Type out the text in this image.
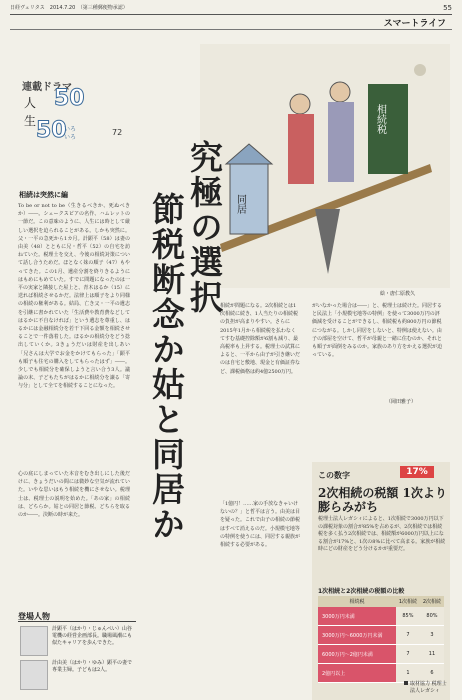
日経ヴェリタス　2014.7.20　（第三種郵便物承認）	55
スマートライフ
連載ドラマ
人
生
50
50
いろ
いろ
72
同居
相続税
絵・唐仁原教久
究極の選択
節税断念か姑と同居か
相続は突然に編
To be or not to be（生きるべきか、死ぬべきか）――。シェークスピアの名作、ハムレットの一節だ。この意味のように、人生には時として厳しい選択を迫られることがある。しかも突然に。父・一平の急死から1カ月。計顕平（58）は妻の由美（48）とともに兄・哲平（52）の自宅を訪ねていた。税理士を交え、今後の相続対策について話し合うためだ。ほとなく妹の順子（47）もやってきた。この1月、遺産分割を終りきるようにはもめにもめていた。すでに問題になったのは一平の実家と隣接した屋上と、青木はるか（15）に送れば相続させるかだ。法律上は順子をより同様の相続の権利がある。結局、亡き父・一平の遺志を引継に書かれていた「生活費や教育費などしてはるかに不自なければ」という遺志を尊重し、はるかには金融相続分を若干下回る金額を相続させることで一件落着した。ほるかの相続分をどう捻出していくか。3きょうだいは財産を出しあい「兄さんは大学でお金をかけてもらった」「顕平も順子も住宅の購入をしてもらったはず」――。少しでも相続分を確保しようと言い合う3人。議論の末、子どもたちがはるかに相続分を譲る「寄与分」として全てを相続することになった。
心の底にしまっていた本音をむき出しにした後だけに、きょうだいの間には微妙な空気が流れていた。いやな思いはもう相続を機にさせない。税理士は、税理士の説明を始めた。「あの家」の相続は、どちらか。姑との同居と節税、どちらを取るのか――。決断の時が来た。
登場人物
計顕平（はかり・じゅんぺい）山谷電機の経営企画部長。職場風潮にも似たキャリアを歩んできた。
計由美（はかり・ゆみ）顕平の妻で専業主婦。子どもは2人。
相続が問題になる。2次相続とは1次相続に続き、1人当たりの相続税の負担が高まりやすい。さらに2015年1月から相続税を払わなくてすむ基礎控除額が6割も減り、最高税率も上昇する。税理士の試算によると、一平から由子が引き継いだのは自宅と敷地、現金と有価証券など、課税価格は約4億2500万円。
「1億円！……家の手放なきゃいけないの？」と哲平は言う。由美は目を疑った。これで由子の相続の節税はすべて消えるのだ。小規模宅地等の特例を使うには、同居する親族が相続する必要がある。
がいなかった場合は――」と、税理士は続けた。同居すると民法上「小規模宅地等の特例」を使って3000万円の評価減を受けることができるし、相続税も約800万円の節税につながる。しかし同居をしないと、特例は使えない。由子の部屋を空けて、哲平が母親と一緒に住むのか、それとも順子が面倒をみるのか。家族のあり方をかえる選択が迫っている。
（岡田雅子）
この数字	17%
2次相続の税額 1次より膨らみがち
税理士法人レガシィによると、1次相続で3000万円以下の課税対象の割合が85%を占めるが、2次相続では相続税を多く払う2次相続では、相続額が6000万円以上になる割合が17%と、1次の8%に比べて高まる。家族が相続時にどの財産をどう分けるかが重要だ。
1次相続と2次相続の税額の比較
相続税	1次相続	2次相続
3000万円未満	85%	80%
3000万円〜6000万円未満	7	3
6000万円〜2億円未満	7	11
2億円以上	1	6
取材協力 税理士法人レガシィ
